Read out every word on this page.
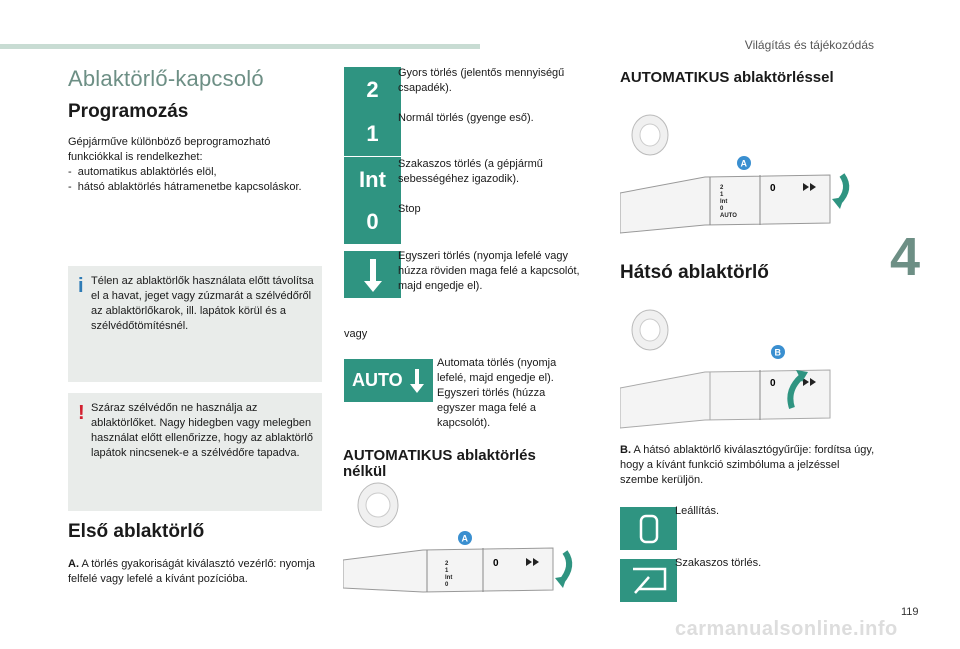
Világítás és tájékozódás
Ablaktörlő-kapcsoló
Programozás
Gépjárműve különböző beprogramozható funkciókkal is rendelkezhet:
-  automatikus ablaktörlés elöl,
-  hátsó ablaktörlés hátramenetbe kapcsoláskor.
i Télen az ablaktörlők használata előtt távolítsa el a havat, jeget vagy zúzmarát a szélvédőről az ablaktörlőkarok, ill. lapátok körül és a szélvédőtömítésnél.
! Száraz szélvédőn ne használja az ablaktörlőket. Nagy hidegben vagy melegben használat előtt ellenőrizze, hogy az ablaktörlő lapátok nincsenek-e a szélvédőre tapadva.
Első ablaktörlő
A. A törlés gyakoriságát kiválasztó vezérlő: nyomja felfelé vagy lefelé a kívánt pozícióba.
2
Gyors törlés (jelentős mennyiségű csapadék).
1
Normál törlés (gyenge eső).
Int
Szakaszos törlés (a gépjármű sebességéhez igazodik).
0	Stop
Egyszeri törlés (nyomja lefelé vagy húzza röviden maga felé a kapcsolót, majd engedje el).
vagy
AUTO
Automata törlés (nyomja lefelé, majd engedje el). Egyszeri törlés (húzza egyszer maga felé a kapcsolót).
AUTOMATIKUS ablaktörlés nélkül
2
1
Int
0
0
A
AUTOMATIKUS ablaktörléssel
2
1
Int
0
AUTO
0
A
Hátsó ablaktörlő
0
B
B. A hátsó ablaktörlő kiválasztógyűrűje: fordítsa úgy, hogy a kívánt funkció szimbóluma a jelzéssel szembe kerüljön.
Leállítás.
Szakaszos törlés.
4
119
carmanualsonline.info
